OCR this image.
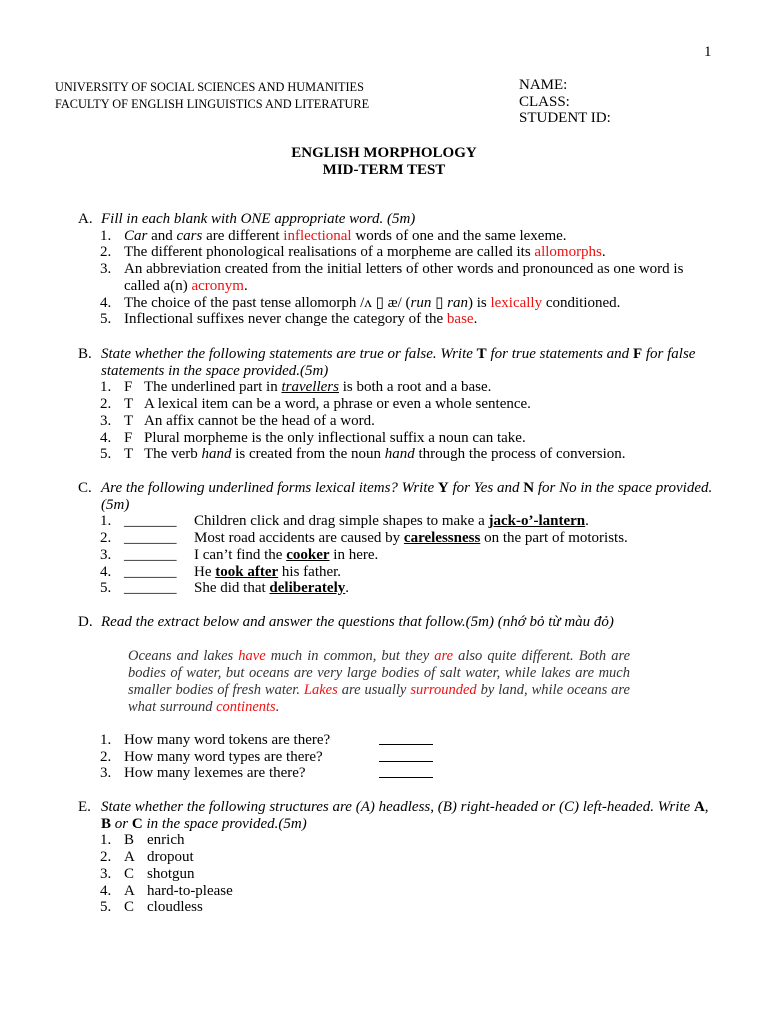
1
UNIVERSITY OF SOCIAL SCIENCES AND HUMANITIES
FACULTY OF ENGLISH LINGUISTICS AND LITERATURE
NAME:
CLASS:
STUDENT ID:
ENGLISH MORPHOLOGY
MID-TERM TEST
A. Fill in each blank with ONE appropriate word. (5m)
1. Car and cars are different inflectional words of one and the same lexeme.
2. The different phonological realisations of a morpheme are called its allomorphs.
3. An abbreviation created from the initial letters of other words and pronounced as one word is called a(n) acronym.
4. The choice of the past tense allomorph /ʌ ▯ æ/ (run ▯ ran) is lexically conditioned.
5. Inflectional suffixes never change the category of the base.
B. State whether the following statements are true or false. Write T for true statements and F for false statements in the space provided.(5m)
1. F The underlined part in travellers is both a root and a base.
2. T A lexical item can be a word, a phrase or even a whole sentence.
3. T An affix cannot be the head of a word.
4. F Plural morpheme is the only inflectional suffix a noun can take.
5. T The verb hand is created from the noun hand through the process of conversion.
C. Are the following underlined forms lexical items? Write Y for Yes and N for No in the space provided.(5m)
1. _______ Children click and drag simple shapes to make a jack-o’-lantern.
2. _______ Most road accidents are caused by carelessness on the part of motorists.
3. _______ I can’t find the cooker in here.
4. _______ He took after his father.
5. _______ She did that deliberately.
D. Read the extract below and answer the questions that follow.(5m) (nhớ bỏ từ màu đỏ)
Oceans and lakes have much in common, but they are also quite different. Both are bodies of water, but oceans are very large bodies of salt water, while lakes are much smaller bodies of fresh water. Lakes are usually surrounded by land, while oceans are what surround continents.
1. How many word tokens are there?
2. How many word types are there?
3. How many lexemes are there?
E. State whether the following structures are (A) headless, (B) right-headed or (C) left-headed. Write A, B or C in the space provided.(5m)
1. B enrich
2. A dropout
3. C shotgun
4. A hard-to-please
5. C cloudless
